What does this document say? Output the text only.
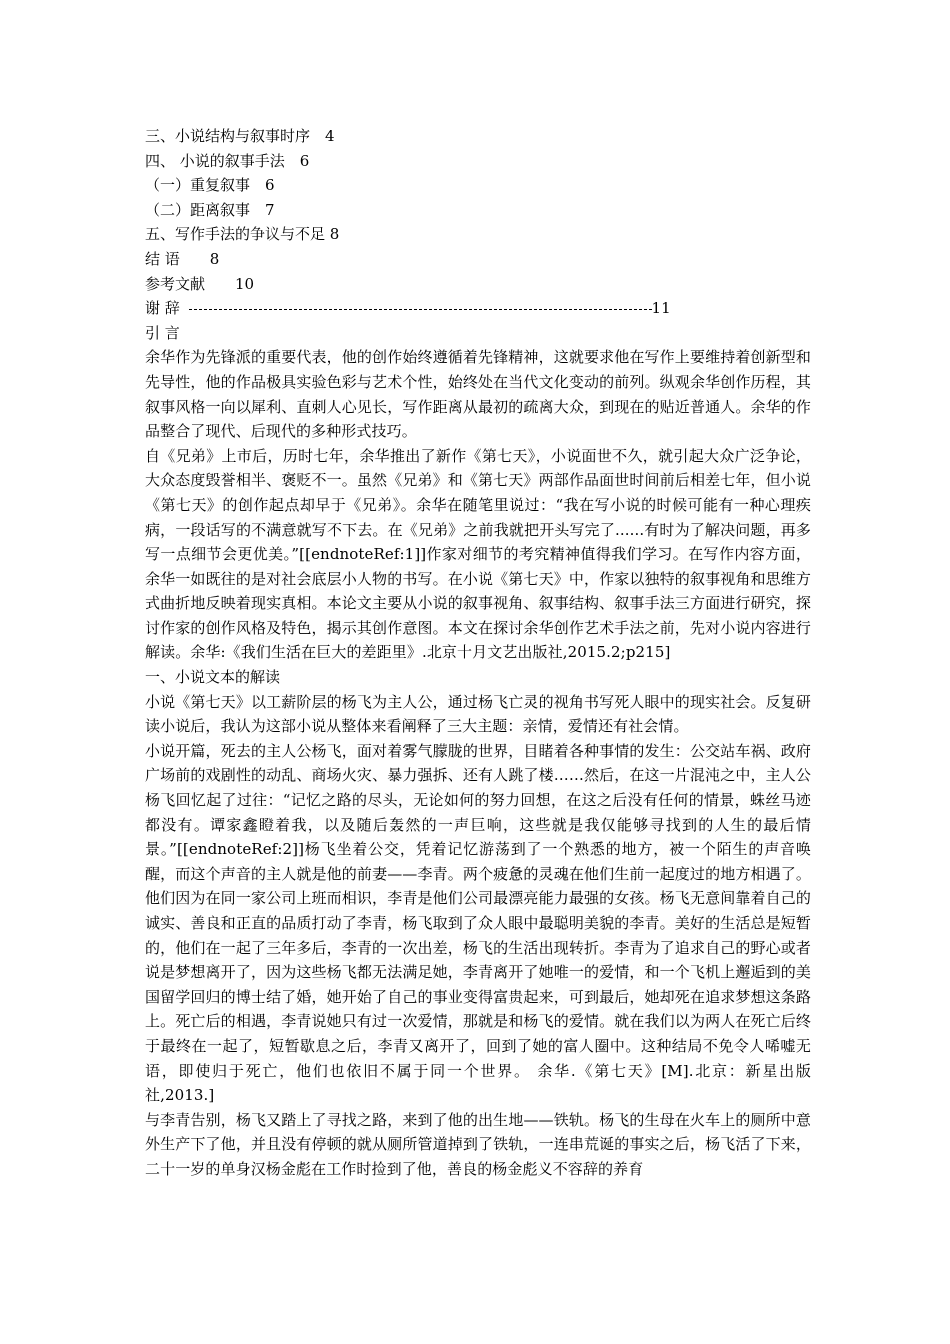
三、小说结构与叙事时序　4
四、 小说的叙事手法　6
（一）重复叙事　6
（二）距离叙事　7
五、写作手法的争议与不足 8
结 语　　8
参考文献　　10
谢 辞	11
引 言
余华作为先锋派的重要代表，他的创作始终遵循着先锋精神，这就要求他在写作上要维持着创新型和先导性，他的作品极具实验色彩与艺术个性，始终处在当代文化变动的前列。纵观余华创作历程，其叙事风格一向以犀利、直刺人心见长，写作距离从最初的疏离大众，到现在的贴近普通人。余华的作品整合了现代、后现代的多种形式技巧。
自《兄弟》上市后，历时七年，余华推出了新作《第七天》，小说面世不久，就引起大众广泛争论，大众态度毁誉相半、褒贬不一。虽然《兄弟》和《第七天》两部作品面世时间前后相差七年，但小说《第七天》的创作起点却早于《兄弟》。余华在随笔里说过：“我在写小说的时候可能有一种心理疾病，一段话写的不满意就写不下去。在《兄弟》之前我就把开头写完了......有时为了解决问题，再多写一点细节会更优美。”[[endnoteRef:1]]作家对细节的考究精神值得我们学习。在写作内容方面，余华一如既往的是对社会底层小人物的书写。在小说《第七天》中，作家以独特的叙事视角和思维方式曲折地反映着现实真相。本论文主要从小说的叙事视角、叙事结构、叙事手法三方面进行研究，探讨作家的创作风格及特色，揭示其创作意图。本文在探讨余华创作艺术手法之前，先对小说内容进行解读。余华:《我们生活在巨大的差距里》.北京十月文艺出版社,2015.2;p215]
一、小说文本的解读
小说《第七天》以工薪阶层的杨飞为主人公，通过杨飞亡灵的视角书写死人眼中的现实社会。反复研读小说后，我认为这部小说从整体来看阐释了三大主题：亲情，爱情还有社会情。
小说开篇，死去的主人公杨飞，面对着雾气朦胧的世界，目睹着各种事情的发生：公交站车祸、政府广场前的戏剧性的动乱、商场火灾、暴力强拆、还有人跳了楼……然后，在这一片混沌之中，主人公杨飞回忆起了过往：“记忆之路的尽头，无论如何的努力回想，在这之后没有任何的情景，蛛丝马迹都没有。谭家鑫瞪着我，以及随后轰然的一声巨响，这些就是我仅能够寻找到的人生的最后情景。”[[endnoteRef:2]]杨飞坐着公交，凭着记忆游荡到了一个熟悉的地方，被一个陌生的声音唤醒，而这个声音的主人就是他的前妻——李青。两个疲惫的灵魂在他们生前一起度过的地方相遇了。他们因为在同一家公司上班而相识，李青是他们公司最漂亮能力最强的女孩。杨飞无意间靠着自己的诚实、善良和正直的品质打动了李青，杨飞取到了众人眼中最聪明美貌的李青。美好的生活总是短暂的，他们在一起了三年多后，李青的一次出差，杨飞的生活出现转折。李青为了追求自己的野心或者说是梦想离开了，因为这些杨飞都无法满足她，李青离开了她唯一的爱情，和一个飞机上邂逅到的美国留学回归的博士结了婚，她开始了自己的事业变得富贵起来，可到最后，她却死在追求梦想这条路上。死亡后的相遇，李青说她只有过一次爱情，那就是和杨飞的爱情。就在我们以为两人在死亡后终于最终在一起了，短暂歇息之后，李青又离开了，回到了她的富人圈中。这种结局不免令人唏嘘无语，即使归于死亡，他们也依旧不属于同一个世界。 余华.《第七天》[M].北京：新星出版社,2013.]
与李青告别，杨飞又踏上了寻找之路，来到了他的出生地——铁轨。杨飞的生母在火车上的厕所中意外生产下了他，并且没有停顿的就从厕所管道掉到了铁轨，一连串荒诞的事实之后，杨飞活了下来，二十一岁的单身汉杨金彪在工作时捡到了他，善良的杨金彪义不容辞的养育
